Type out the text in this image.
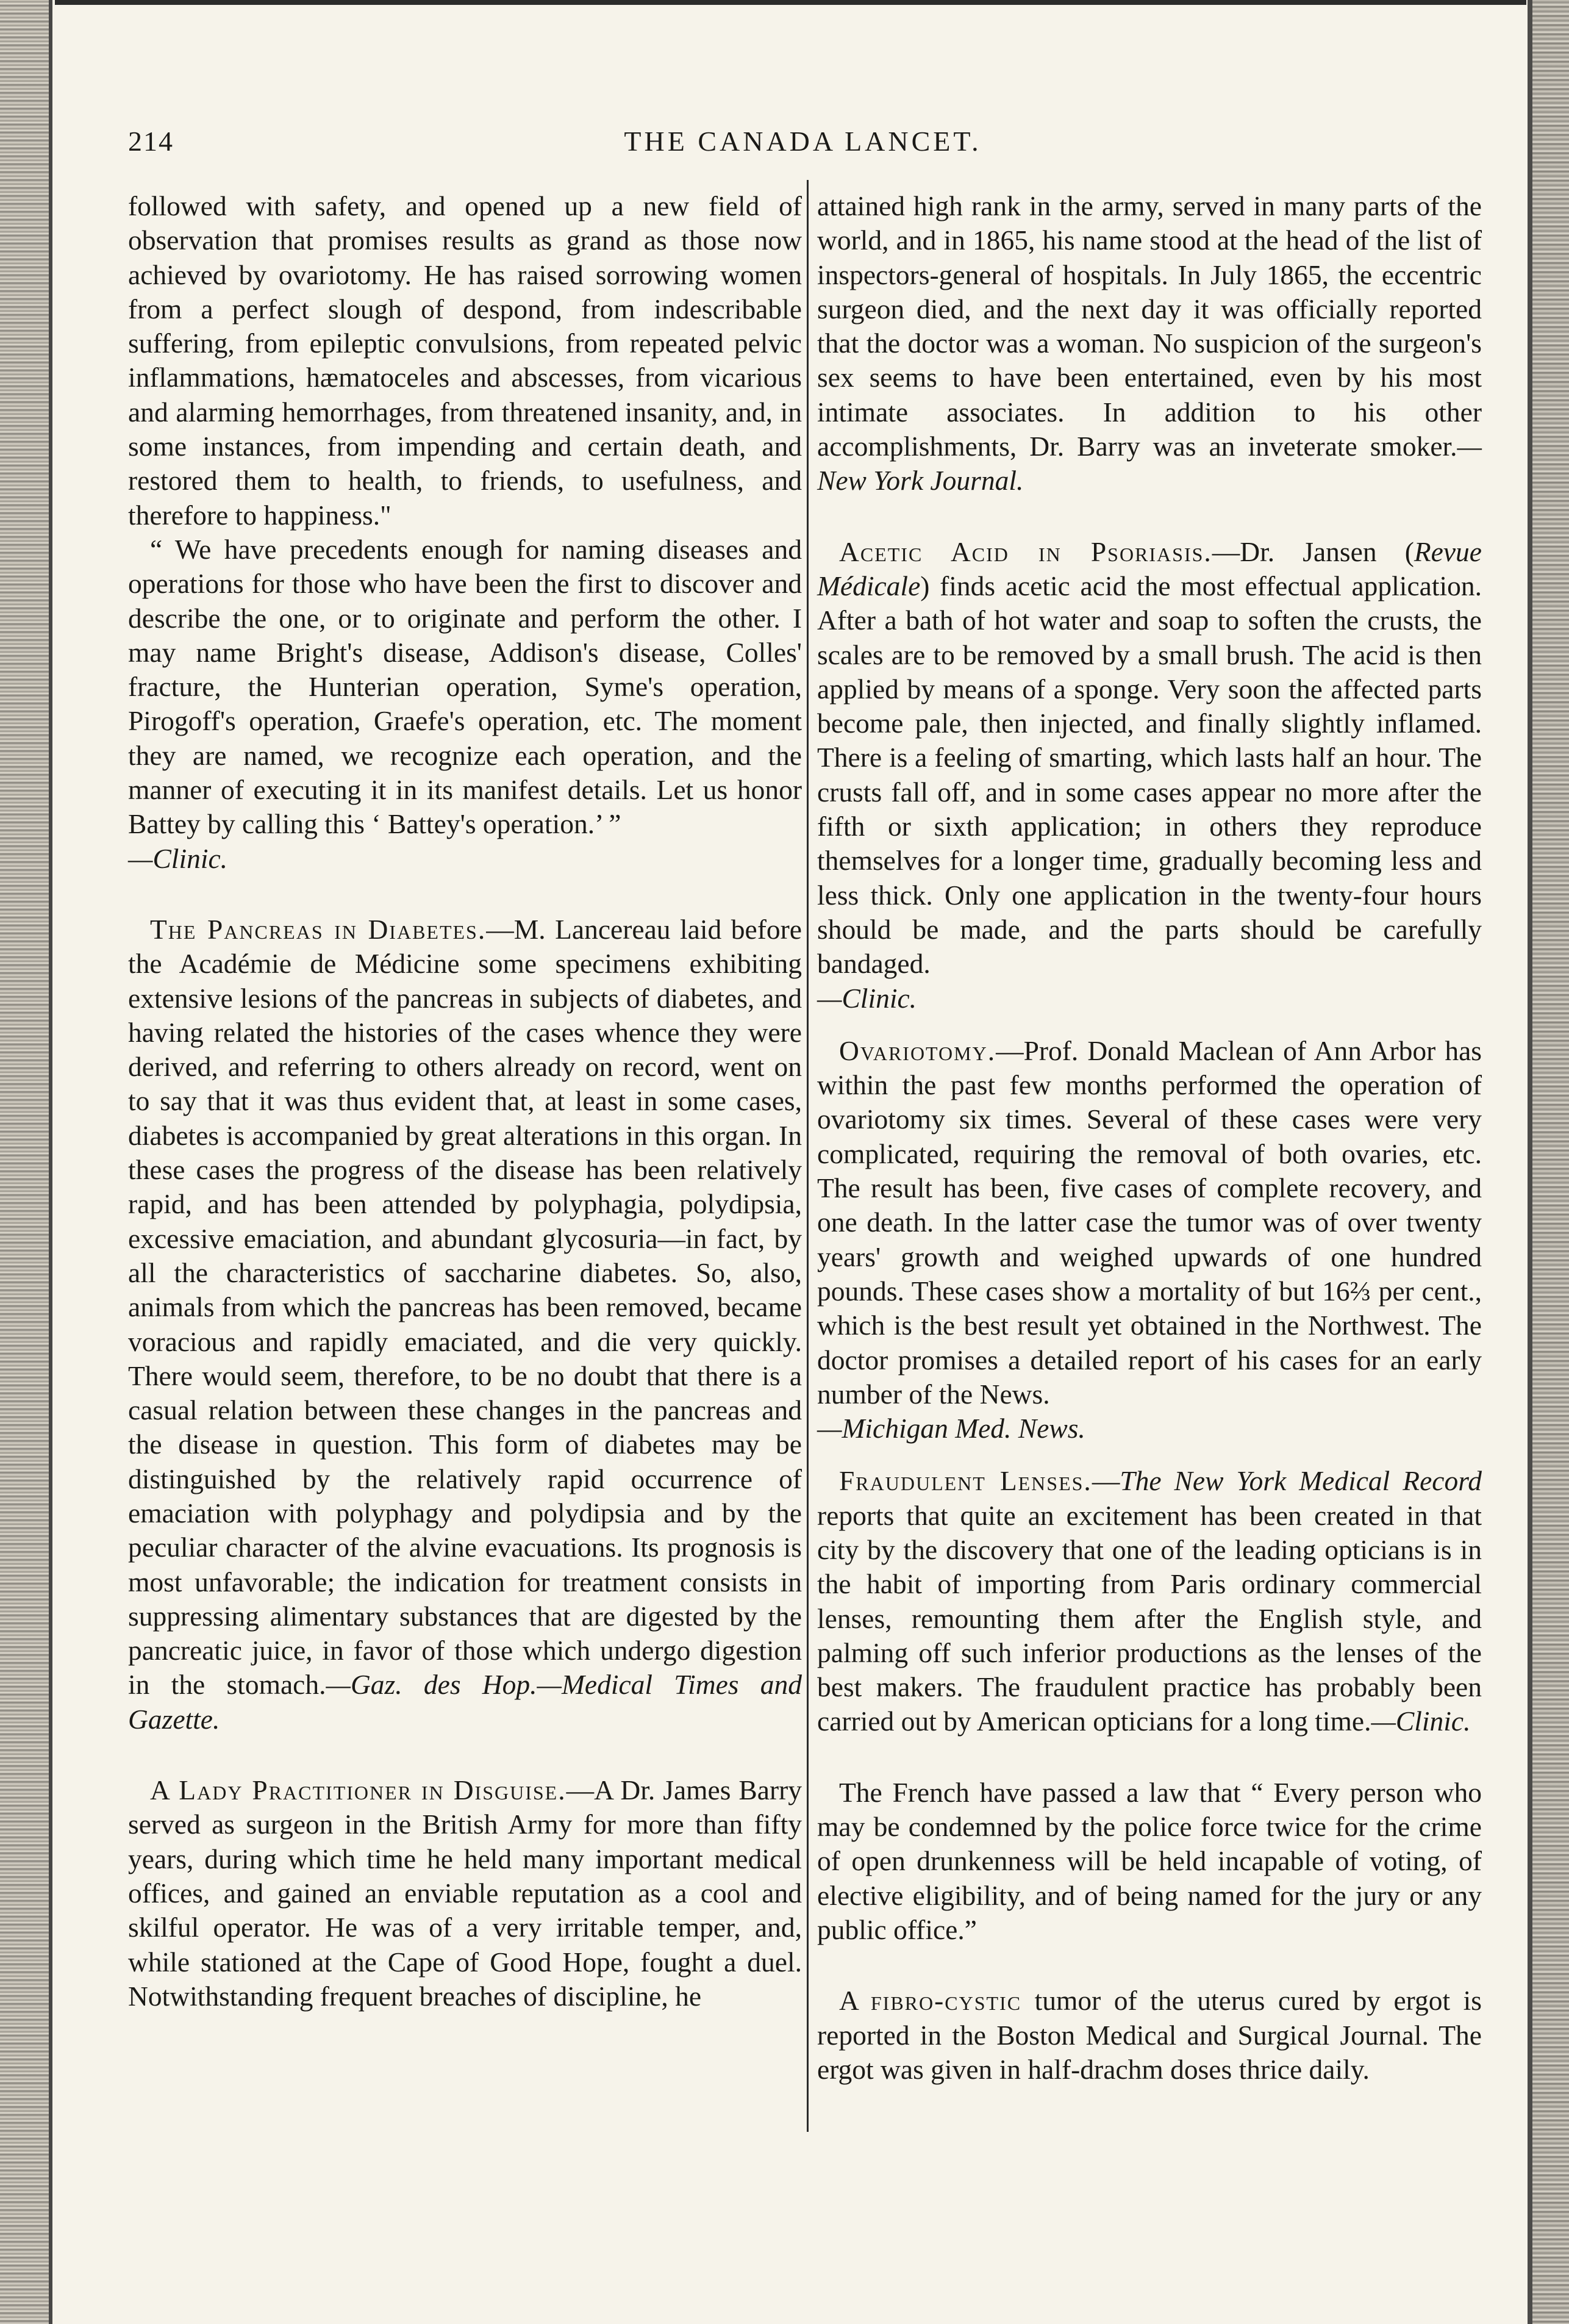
214	THE CANADA LANCET.

followed with safety, and opened up a new field of observation that promises results as grand as those now achieved by ovariotomy. He has raised sorrowing women from a perfect slough of despond, from indescribable suffering, from epileptic convulsions, from repeated pelvic inflammations, hæmatoceles and abscesses, from vicarious and alarming hemorrhages, from threatened insanity, and, in some instances, from impending and certain death, and restored them to health, to friends, to usefulness, and therefore to happiness."

“ We have precedents enough for naming diseases and operations for those who have been the first to discover and describe the one, or to originate and perform the other. I may name Bright's disease, Addison's disease, Colles' fracture, the Hunterian operation, Syme's operation, Pirogoff's operation, Graefe's operation, etc. The moment they are named, we recognize each operation, and the manner of executing it in its manifest details. Let us honor Battey by calling this ‘ Battey's operation.’ ”
—Clinic.

The Pancreas in Diabetes.—M. Lancereau laid before the Académie de Médicine some specimens exhibiting extensive lesions of the pancreas in subjects of diabetes, and having related the histories of the cases whence they were derived, and referring to others already on record, went on to say that it was thus evident that, at least in some cases, diabetes is accompanied by great alterations in this organ. In these cases the progress of the disease has been relatively rapid, and has been attended by polyphagia, polydipsia, excessive emaciation, and abundant glycosuria—in fact, by all the characteristics of saccharine diabetes. So, also, animals from which the pancreas has been removed, became voracious and rapidly emaciated, and die very quickly. There would seem, therefore, to be no doubt that there is a casual relation between these changes in the pancreas and the disease in question. This form of diabetes may be distinguished by the relatively rapid occurrence of emaciation with polyphagy and polydipsia and by the peculiar character of the alvine evacuations. Its prognosis is most unfavorable; the indication for treatment consists in suppressing alimentary substances that are digested by the pancreatic juice, in favor of those which undergo digestion in the stomach.—Gaz. des Hop.—Medical Times and Gazette.

A Lady Practitioner in Disguise.—A Dr. James Barry served as surgeon in the British Army for more than fifty years, during which time he held many important medical offices, and gained an enviable reputation as a cool and skilful operator. He was of a very irritable temper, and, while stationed at the Cape of Good Hope, fought a duel. Notwithstanding frequent breaches of discipline, he

attained high rank in the army, served in many parts of the world, and in 1865, his name stood at the head of the list of inspectors-general of hospitals. In July 1865, the eccentric surgeon died, and the next day it was officially reported that the doctor was a woman. No suspicion of the surgeon's sex seems to have been entertained, even by his most intimate associates. In addition to his other accomplishments, Dr. Barry was an inveterate smoker.—New York Journal.

Acetic Acid in Psoriasis.—Dr. Jansen (Revue Médicale) finds acetic acid the most effectual application. After a bath of hot water and soap to soften the crusts, the scales are to be removed by a small brush. The acid is then applied by means of a sponge. Very soon the affected parts become pale, then injected, and finally slightly inflamed. There is a feeling of smarting, which lasts half an hour. The crusts fall off, and in some cases appear no more after the fifth or sixth application; in others they reproduce themselves for a longer time, gradually becoming less and less thick. Only one application in the twenty-four hours should be made, and the parts should be carefully bandaged.
—Clinic.

Ovariotomy.—Prof. Donald Maclean of Ann Arbor has within the past few months performed the operation of ovariotomy six times. Several of these cases were very complicated, requiring the removal of both ovaries, etc. The result has been, five cases of complete recovery, and one death. In the latter case the tumor was of over twenty years' growth and weighed upwards of one hundred pounds. These cases show a mortality of but 16⅔ per cent., which is the best result yet obtained in the Northwest. The doctor promises a detailed report of his cases for an early number of the News.
—Michigan Med. News.

Fraudulent Lenses.—The New York Medical Record reports that quite an excitement has been created in that city by the discovery that one of the leading opticians is in the habit of importing from Paris ordinary commercial lenses, remounting them after the English style, and palming off such inferior productions as the lenses of the best makers. The fraudulent practice has probably been carried out by American opticians for a long time.—Clinic.

The French have passed a law that “ Every person who may be condemned by the police force twice for the crime of open drunkenness will be held incapable of voting, of elective eligibility, and of being named for the jury or any public office.”

A fibro-cystic tumor of the uterus cured by ergot is reported in the Boston Medical and Surgical Journal. The ergot was given in half-drachm doses thrice daily.
